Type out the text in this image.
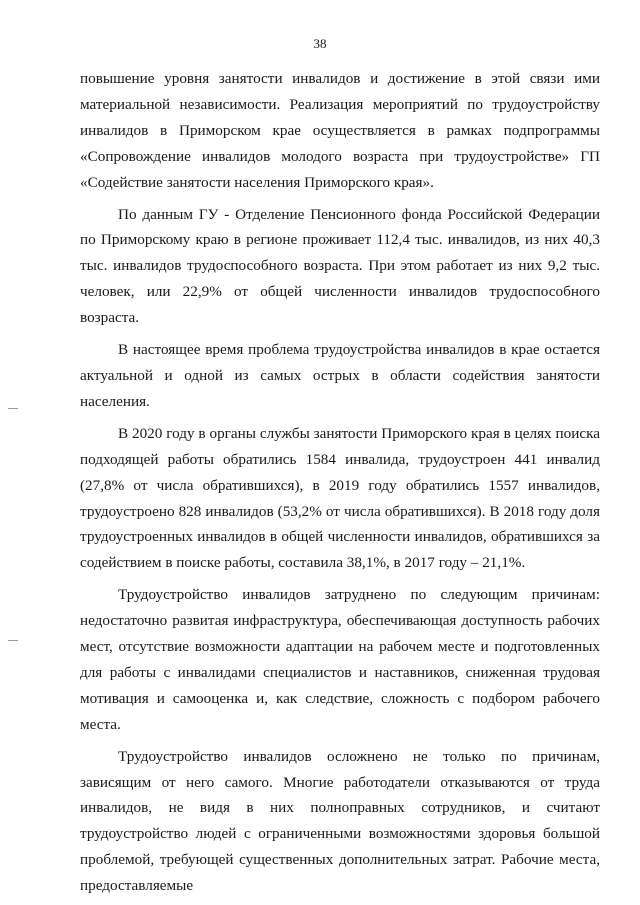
38

повышение уровня занятости инвалидов и достижение в этой связи ими материальной независимости. Реализация мероприятий по трудоустройству инвалидов в Приморском крае осуществляется в рамках подпрограммы «Сопровождение инвалидов молодого возраста при трудоустройстве» ГП «Содействие занятости населения Приморского края».

По данным ГУ - Отделение Пенсионного фонда Российской Федерации по Приморскому краю в регионе проживает 112,4 тыс. инвалидов, из них 40,3 тыс. инвалидов трудоспособного возраста. При этом работает из них 9,2 тыс. человек, или 22,9% от общей численности инвалидов трудоспособного возраста.

В настоящее время проблема трудоустройства инвалидов в крае остается актуальной и одной из самых острых в области содействия занятости населения.

В 2020 году в органы службы занятости Приморского края в целях поиска подходящей работы обратились 1584 инвалида, трудоустроен 441 инвалид (27,8% от числа обратившихся), в 2019 году обратились 1557 инвалидов, трудоустроено 828 инвалидов (53,2% от числа обратившихся). В 2018 году доля трудоустроенных инвалидов в общей численности инвалидов, обратившихся за содействием в поиске работы, составила 38,1%, в 2017 году – 21,1%.

Трудоустройство инвалидов затруднено по следующим причинам: недостаточно развитая инфраструктура, обеспечивающая доступность рабочих мест, отсутствие возможности адаптации на рабочем месте и подготовленных для работы с инвалидами специалистов и наставников, сниженная трудовая мотивация и самооценка и, как следствие, сложность с подбором рабочего места.

Трудоустройство инвалидов осложнено не только по причинам, зависящим от него самого. Многие работодатели отказываются от труда инвалидов, не видя в них полноправных сотрудников, и считают трудоустройство людей с ограниченными возможностями здоровья большой проблемой, требующей существенных дополнительных затрат. Рабочие места, предоставляемые
